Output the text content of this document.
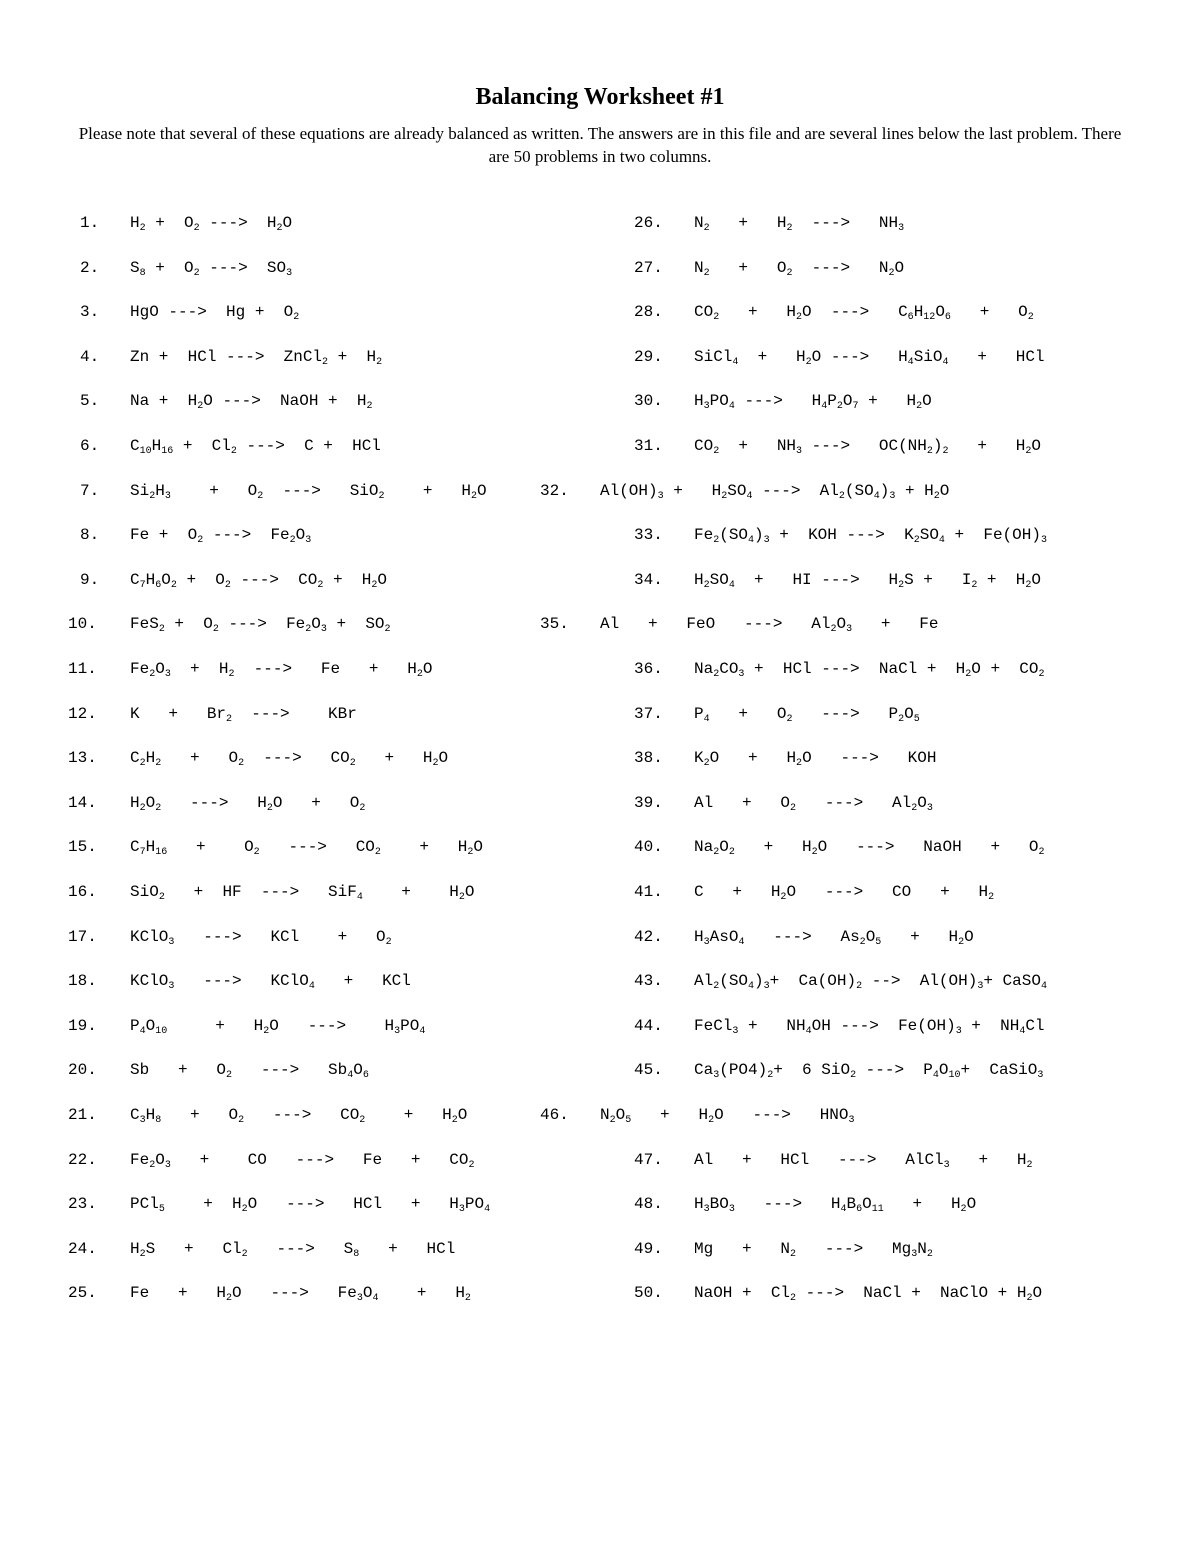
Balancing Worksheet #1
Please note that several of these equations are already balanced as written. The answers are in this file and are several lines below the last problem. There are 50 problems in two columns.
1. $H_2 + O_2$ --->  $H_2O$
2. $S_8 + O_2$ --->  $SO_3$
3. HgO --->  $Hg + O_2$
4. Zn +  HCl --->  ZnCl$_2$ +  $H_2$
5. $Na + H_2O$ --->  NaOH +  $H_2$
6. $C_{10}H_{16} + Cl_2$ --->  C +  HCl
7. $Si_2H_3$    +   $O_2$  --->   SiO$_2$    +   $H_2O$
8. $Fe + O_2$ --->  $Fe_2O_3$
9. $C_7H_6O_2 + O_2$ --->  $CO_2 + H_2O$
10. $FeS_2 + O_2$ --->  $Fe_2O_3 + SO_2$
11. $Fe_2O_3 + H_2$  --->   $Fe + H_2O$
12. $K + Br_2$  --->    KBr
13. $C_2H_2 + O_2$  --->   $CO_2 + H_2O$
14. $H_2O_2$   --->   $H_2O + O_2$
15. $C_7H_{16}$   +    $O_2$   --->   $CO_2$    +   $H_2O$
16. SiO$_2$   +  HF  --->   SiF$_4$    +    $H_2O$
17. KClO$_3$   --->   KCl    +   $O_2$
18. KClO$_3$   --->   KClO$_4$   +   KCl
19. $P_4O_{10}$     +   $H_2O$   --->    $H_3PO_4$
20. $Sb + O_2$   --->   $Sb_4O_6$
21. $C_3H_8 + O_2$   --->   $CO_2$    +   $H_2O$
22. $Fe_2O_3$   +    CO   --->   $Fe + CO_2$
23. PCl$_5$    +  $H_2O$   --->   HCl   +   $H_3PO_4$
24. $H_2S + Cl_2$   --->   $S_8$   +   HCl
25. $Fe + H_2O$   --->   $Fe_3O_4$    +   $H_2$
26. $N_2 + H_2$  --->   $NH_3$
27. $N_2 + O_2$  --->   $N_2O$
28. $CO_2 + H_2O$  --->   $C_6H_{12}O_6 + O_2$
29. SiCl$_4$  +   $H_2O$ --->   $H_4SiO_4$   +   HCl
30. $H_3PO_4$ --->   $H_4P_2O_7 + H_2O$
31. $CO_2 + NH_3$ --->   $OC(NH_2)_2 + H_2O$
32. $Al(OH)_3 + H_2SO_4$ --->  $Al_2(SO_4)_3 + H_2O$
33. $Fe_2(SO_4)_3$ +  KOH --->  $K_2SO_4 + Fe(OH)_3$
34. $H_2SO_4$  +   HI --->   $H_2S + I_2 + H_2O$
35. Al   +   FeO   --->   $Al_2O_3 + Fe$
36. $Na_2CO_3$ +  HCl --->  NaCl +  $H_2O + CO_2$
37. $P_4 + O_2$   --->   $P_2O_5$
38. $K_2O + H_2O$   --->   KOH
39. $Al + O_2$   --->   $Al_2O_3$
40. $Na_2O_2 + H_2O$   --->   NaOH   +   $O_2$
41. $C + H_2O$   --->   CO   +   $H_2$
42. $H_3AsO_4$   --->   $As_2O_5 + H_2O$
43. $Al_2(SO_4)_3+ Ca(OH)_2$ -->  $Al(OH)_3+$ CaSO$_4$
44. FeCl$_3$ +   $NH_4OH$ --->  $Fe(OH)_3 + NH_4Cl$
45. $Ca_3(PO4)_2+ 6$ SiO$_2$ --->  $P_4O_{10}+$  CaSiO$_3$
46. $N_2O_5 + H_2O$   --->   $HNO_3$
47. Al   +   HCl   --->   AlCl$_3$   +   $H_2$
48. $H_3BO_3$   --->   $H_4B_6O_{11} + H_2O$
49. $Mg + N_2$   --->   $Mg_3N_2$
50. NaOH +  $Cl_2$ --->  NaCl +  NaClO + $H_2O$
